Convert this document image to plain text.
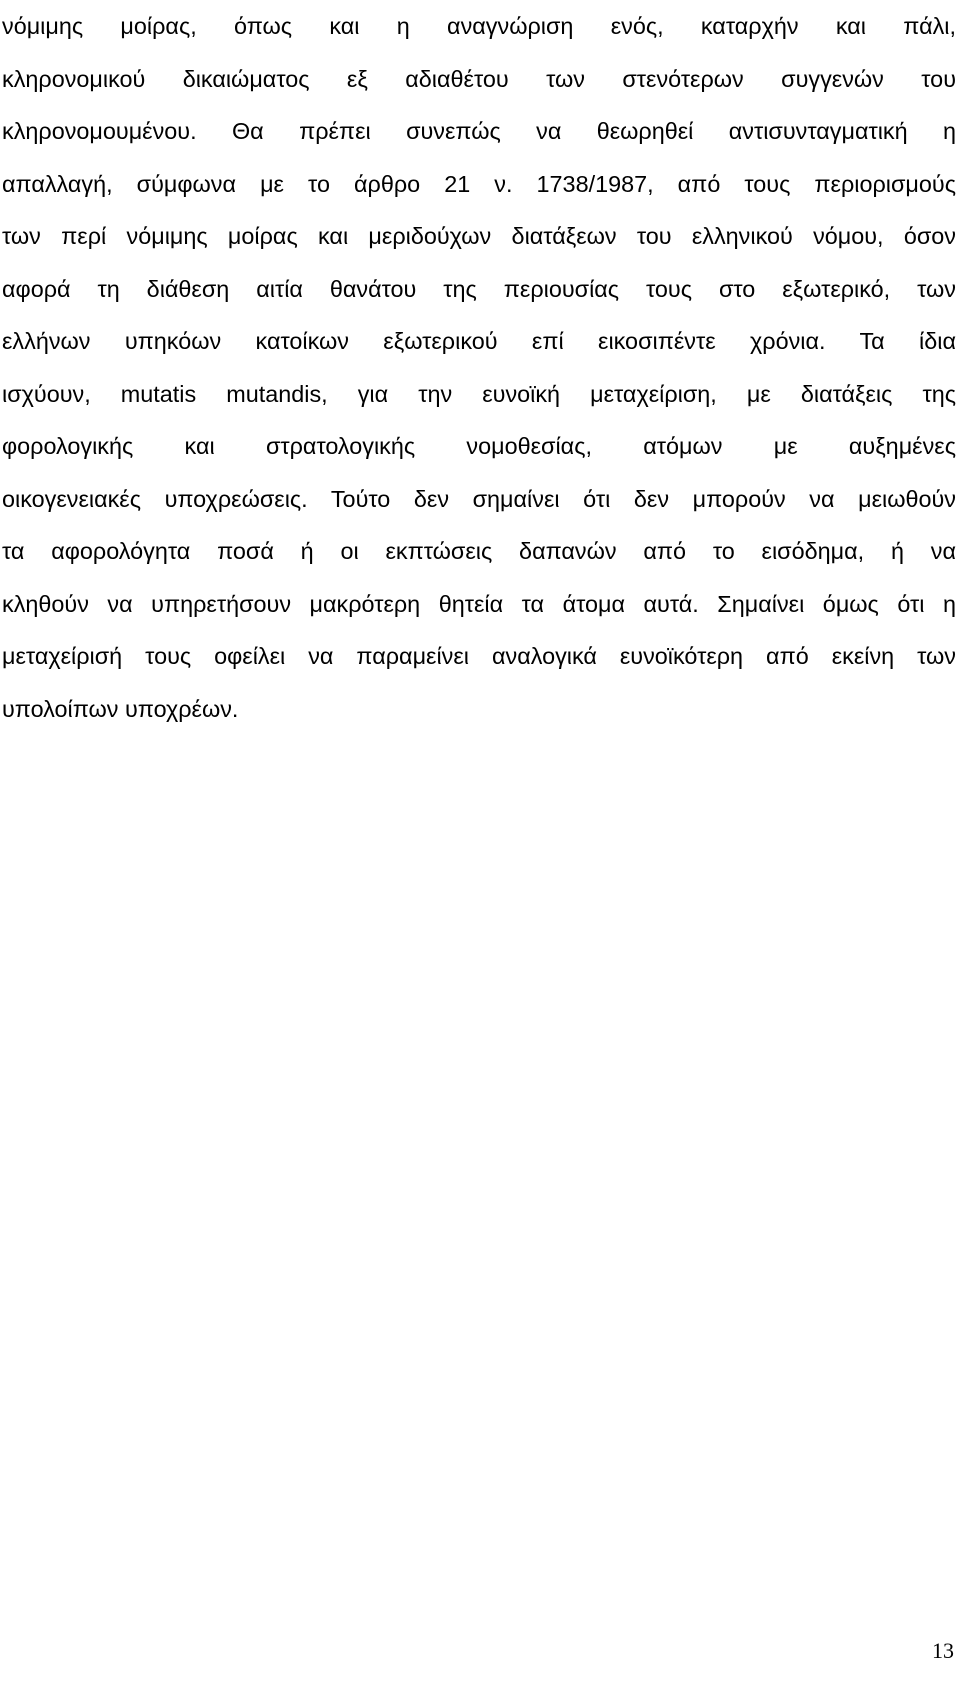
νόμιμης μοίρας, όπως και η αναγνώριση ενός, καταρχήν και πάλι,
κληρονομικού δικαιώματος εξ αδιαθέτου των στενότερων συγγενών του
κληρονομουμένου. Θα πρέπει συνεπώς να θεωρηθεί αντισυνταγματική η
απαλλαγή, σύμφωνα με το άρθρο 21 ν. 1738/1987, από τους περιορισμούς
των περί νόμιμης μοίρας και μεριδούχων διατάξεων του ελληνικού νόμου, όσον
αφορά τη διάθεση αιτία θανάτου της περιουσίας τους στο εξωτερικό, των
ελλήνων υπηκόων κατοίκων εξωτερικού επί εικοσιπέντε χρόνια. Τα ίδια
ισχύουν, mutatis mutandis, για την ευνοϊκή μεταχείριση, με διατάξεις της
φορολογικής και στρατολογικής νομοθεσίας, ατόμων με αυξημένες
οικογενειακές υποχρεώσεις. Τούτο δεν σημαίνει ότι δεν μπορούν να μειωθούν
τα αφορολόγητα ποσά ή οι εκπτώσεις δαπανών από το εισόδημα, ή να
κληθούν να υπηρετήσουν μακρότερη θητεία τα άτομα αυτά. Σημαίνει όμως ότι η
μεταχείρισή τους οφείλει να παραμείνει αναλογικά ευνοϊκότερη από εκείνη των
υπολοίπων υποχρέων.
13
